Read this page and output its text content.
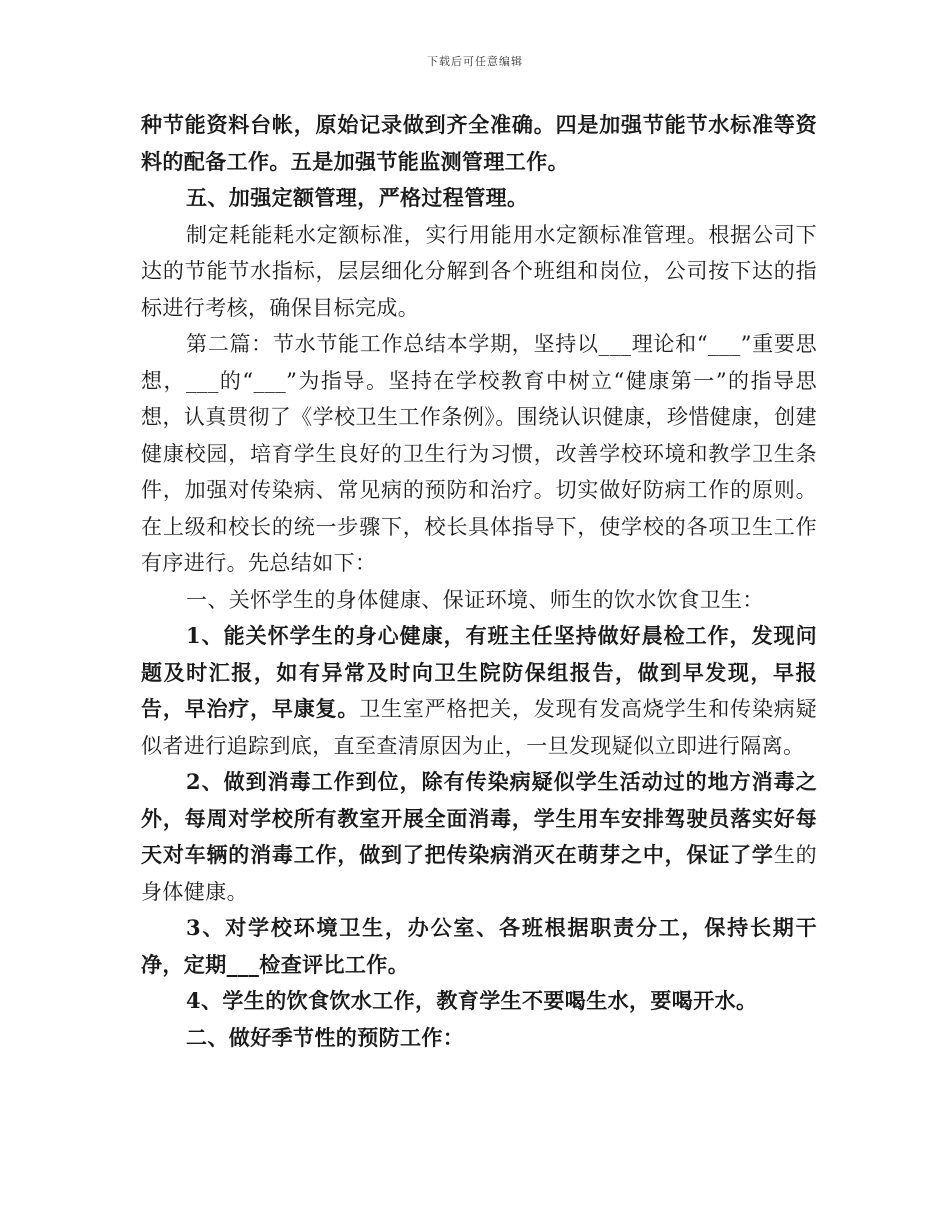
下载后可任意编辑

种节能资料台帐，原始记录做到齐全准确。四是加强节能节水标准等资料的配备工作。五是加强节能监测管理工作。

五、加强定额管理，严格过程管理。

制定耗能耗水定额标准，实行用能用水定额标准管理。根据公司下达的节能节水指标，层层细化分解到各个班组和岗位，公司按下达的指标进行考核，确保目标完成。

第二篇：节水节能工作总结本学期，坚持以___理论和“___”重要思想，___的“___”为指导。坚持在学校教育中树立“健康第一”的指导思想，认真贯彻了《学校卫生工作条例》。围绕认识健康，珍惜健康，创建健康校园，培育学生良好的卫生行为习惯，改善学校环境和教学卫生条件，加强对传染病、常见病的预防和治疗。切实做好防病工作的原则。在上级和校长的统一步骤下，校长具体指导下，使学校的各项卫生工作有序进行。先总结如下：

一、关怀学生的身体健康、保证环境、师生的饮水饮食卫生：

1、能关怀学生的身心健康，有班主任坚持做好晨检工作，发现问题及时汇报，如有异常及时向卫生院防保组报告，做到早发现，早报告，早治疗，早康复。卫生室严格把关，发现有发高烧学生和传染病疑似者进行追踪到底，直至查清原因为止，一旦发现疑似立即进行隔离。

2、做到消毒工作到位，除有传染病疑似学生活动过的地方消毒之外，每周对学校所有教室开展全面消毒，学生用车安排驾驶员落实好每天对车辆的消毒工作，做到了把传染病消灭在萌芽之中，保证了学生的身体健康。

3、对学校环境卫生，办公室、各班根据职责分工，保持长期干净，定期___检查评比工作。

4、学生的饮食饮水工作，教育学生不要喝生水，要喝开水。

二、做好季节性的预防工作：
